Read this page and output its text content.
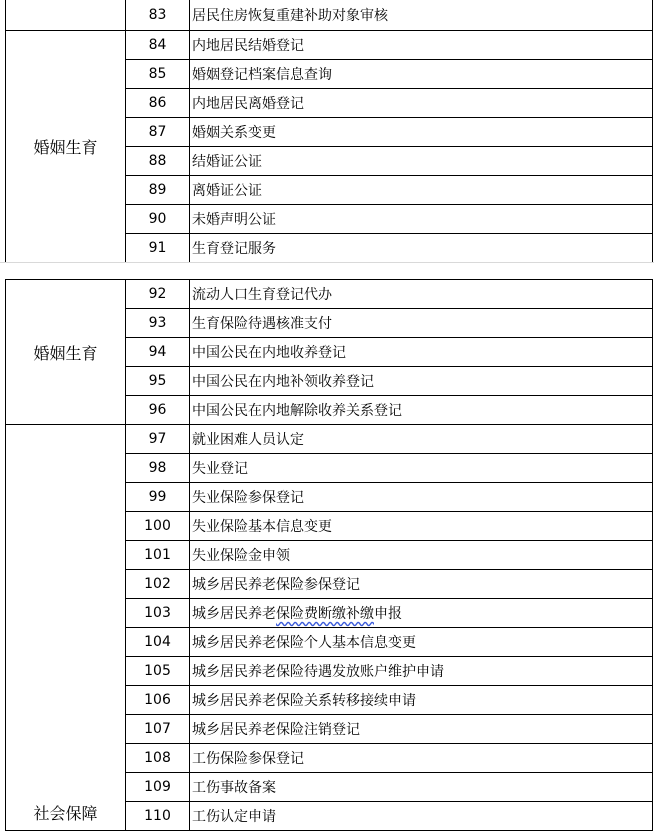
	83	居民住房恢复重建补助对象审核
婚姻生育	84	内地居民结婚登记
	85	婚姻登记档案信息查询
	86	内地居民离婚登记
	87	婚姻关系变更
	88	结婚证公证
	89	离婚证公证
	90	未婚声明公证
	91	生育登记服务
婚姻生育	92	流动人口生育登记代办
	93	生育保险待遇核准支付
	94	中国公民在内地收养登记
	95	中国公民在内地补领收养登记
	96	中国公民在内地解除收养关系登记
社会保障	97	就业困难人员认定
	98	失业登记
	99	失业保险参保登记
	100	失业保险基本信息变更
	101	失业保险金申领
	102	城乡居民养老保险参保登记
	103	城乡居民养老保险费断缴补缴申报
	104	城乡居民养老保险个人基本信息变更
	105	城乡居民养老保险待遇发放账户维护申请
	106	城乡居民养老保险关系转移接续申请
	107	城乡居民养老保险注销登记
	108	工伤保险参保登记
	109	工伤事故备案
	110	工伤认定申请
